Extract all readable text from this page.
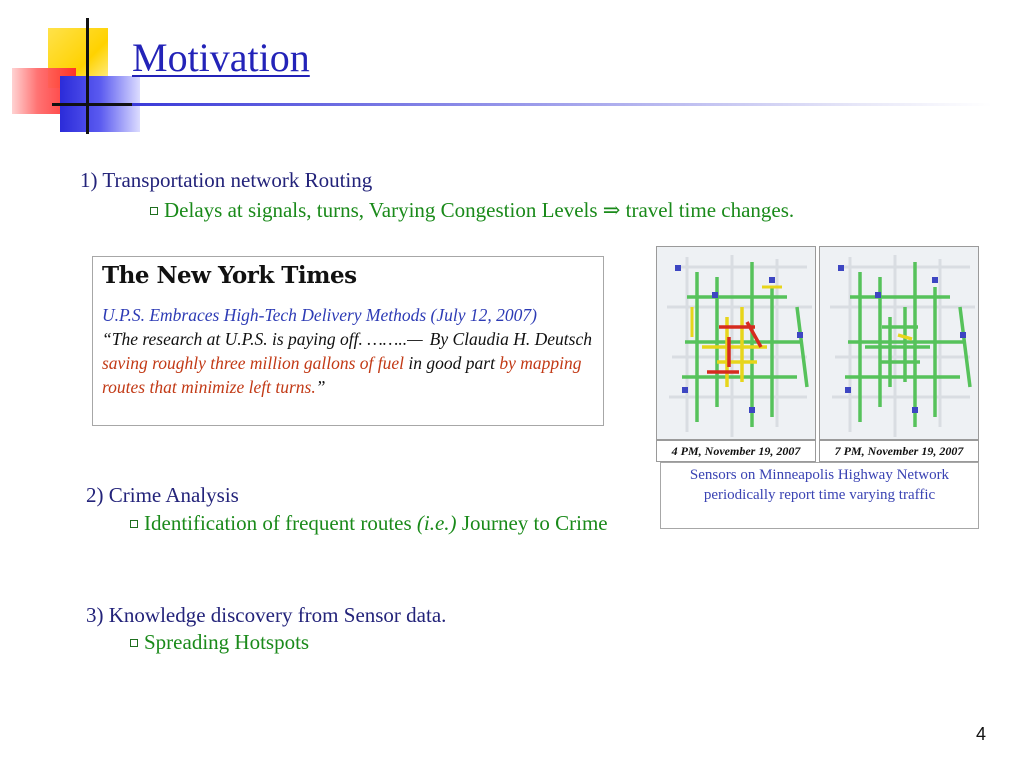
Motivation
1) Transportation network Routing
Delays at signals, turns, Varying Congestion Levels ⇒ travel time changes.
The New York Times
U.P.S. Embraces High-Tech Delivery Methods (July 12, 2007)
By Claudia H. Deutsch

“The research at U.P.S. is paying off. ……..— saving roughly three million gallons of fuel in good part by mapping routes that minimize left turns.”
4 PM, November 19, 2007	7 PM, November 19, 2007
Sensors on Minneapolis Highway Network periodically report time varying traffic
2) Crime Analysis
Identification of frequent routes (i.e.) Journey to Crime
3) Knowledge discovery from Sensor data.
Spreading Hotspots
4
